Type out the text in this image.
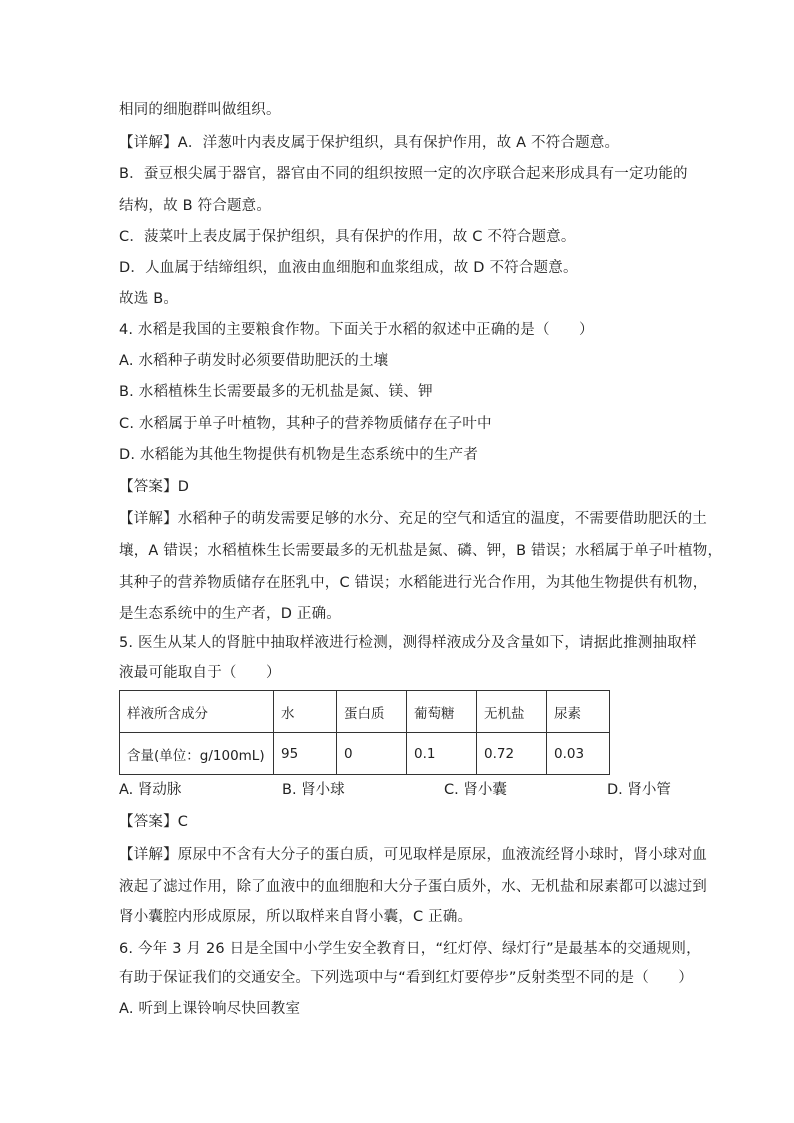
相同的细胞群叫做组织。
【详解】A．洋葱叶内表皮属于保护组织，具有保护作用，故 A 不符合题意。
B．蚕豆根尖属于器官，器官由不同的组织按照一定的次序联合起来形成具有一定功能的
结构，故 B 符合题意。
C．菠菜叶上表皮属于保护组织，具有保护的作用，故 C 不符合题意。
D．人血属于结缔组织，血液由血细胞和血浆组成，故 D 不符合题意。
故选 B。
4. 水稻是我国的主要粮食作物。下面关于水稻的叙述中正确的是（　　）
A. 水稻种子萌发时必须要借助肥沃的土壤
B. 水稻植株生长需要最多的无机盐是氮、镁、钾
C. 水稻属于单子叶植物，其种子的营养物质储存在子叶中
D. 水稻能为其他生物提供有机物是生态系统中的生产者
【答案】D
【详解】水稻种子的萌发需要足够的水分、充足的空气和适宜的温度，不需要借助肥沃的土
壤，A 错误；水稻植株生长需要最多的无机盐是氮、磷、钾，B 错误；水稻属于单子叶植物，
其种子的营养物质储存在胚乳中，C 错误；水稻能进行光合作用，为其他生物提供有机物，
是生态系统中的生产者，D 正确。
5. 医生从某人的肾脏中抽取样液进行检测，测得样液成分及含量如下，请据此推测抽取样
液最可能取自于（　　）
样液所含成分	水	蛋白质	葡萄糖	无机盐	尿素
含量(单位：g/100mL)	95	0	0.1	0.72	0.03
A. 肾动脉	B. 肾小球	C. 肾小囊	D. 肾小管
【答案】C
【详解】原尿中不含有大分子的蛋白质，可见取样是原尿，血液流经肾小球时，肾小球对血
液起了滤过作用，除了血液中的血细胞和大分子蛋白质外，水、无机盐和尿素都可以滤过到
肾小囊腔内形成原尿，所以取样来自肾小囊，C 正确。
6. 今年 3 月 26 日是全国中小学生安全教育日，“红灯停、绿灯行”是最基本的交通规则，
有助于保证我们的交通安全。下列选项中与“看到红灯要停步”反射类型不同的是（　　）
A. 听到上课铃响尽快回教室
